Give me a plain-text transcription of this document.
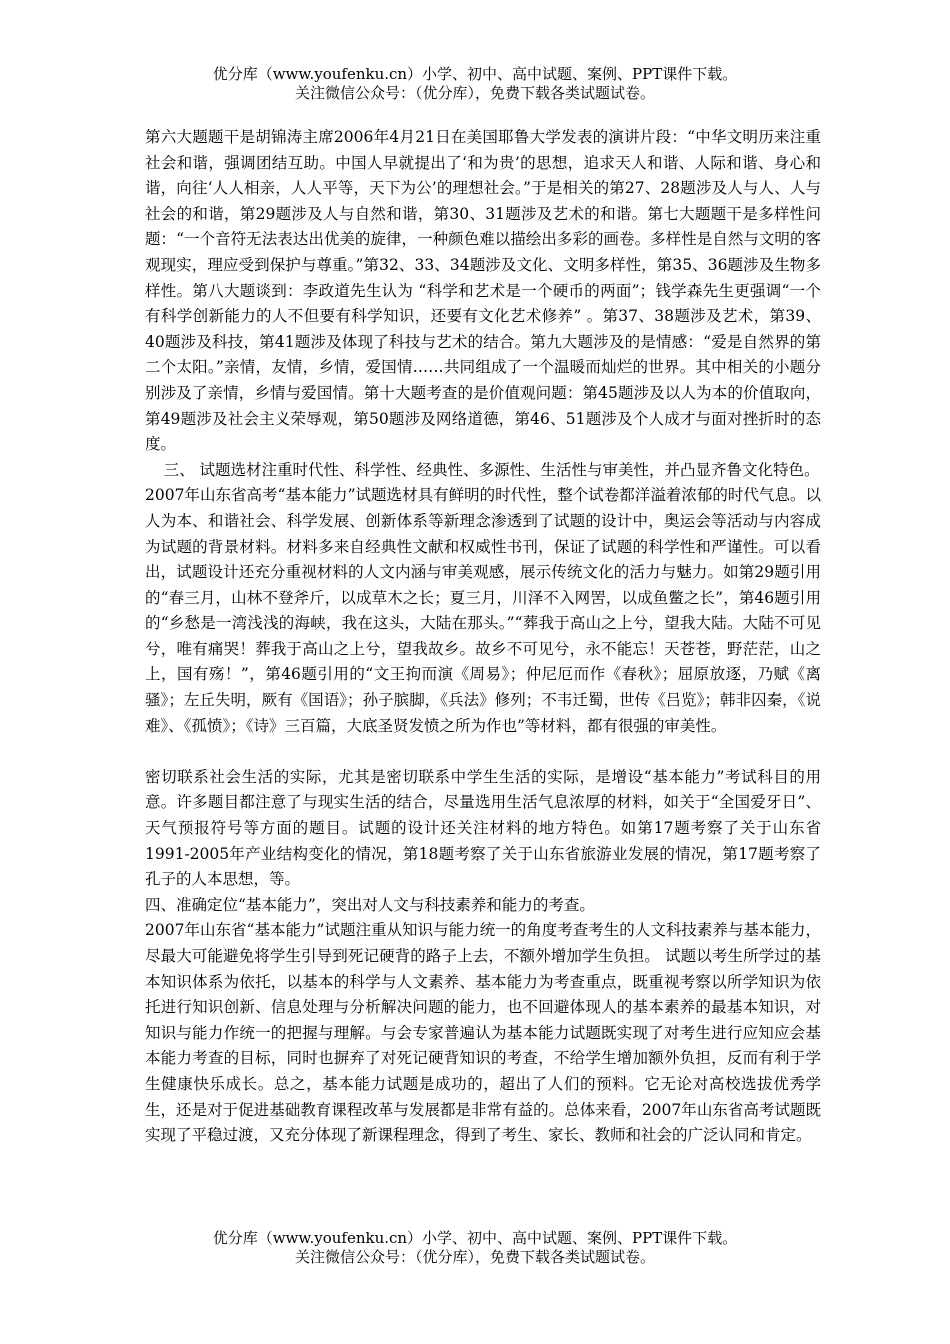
优分库（www.youfenku.cn）小学、初中、高中试题、案例、PPT课件下载。
关注微信公众号：（优分库），免费下载各类试题试卷。

第六大题题干是胡锦涛主席2006年4月21日在美国耶鲁大学发表的演讲片段：“中华文明历来注重社会和谐，强调团结互助。中国人早就提出了‘和为贵’的思想，追求天人和谐、人际和谐、身心和谐，向往‘人人相亲，人人平等，天下为公’的理想社会。”于是相关的第27、28题涉及人与人、人与社会的和谐，第29题涉及人与自然和谐，第30、31题涉及艺术的和谐。第七大题题干是多样性问题：“一个音符无法表达出优美的旋律，一种颜色难以描绘出多彩的画卷。多样性是自然与文明的客观现实，理应受到保护与尊重。”第32、33、34题涉及文化、文明多样性，第35、36题涉及生物多样性。第八大题谈到：李政道先生认为 “科学和艺术是一个硬币的两面”；钱学森先生更强调“一个有科学创新能力的人不但要有科学知识，还要有文化艺术修养” 。第37、38题涉及艺术，第39、40题涉及科技，第41题涉及体现了科技与艺术的结合。第九大题涉及的是情感：“爱是自然界的第二个太阳。”亲情，友情，乡情，爱国情……共同组成了一个温暖而灿烂的世界。其中相关的小题分别涉及了亲情，乡情与爱国情。第十大题考查的是价值观问题：第45题涉及以人为本的价值取向，第49题涉及社会主义荣辱观，第50题涉及网络道德，第46、51题涉及个人成才与面对挫折时的态度。

三、 试题选材注重时代性、科学性、经典性、多源性、生活性与审美性，并凸显齐鲁文化特色。

2007年山东省高考“基本能力”试题选材具有鲜明的时代性，整个试卷都洋溢着浓郁的时代气息。以人为本、和谐社会、科学发展、创新体系等新理念渗透到了试题的设计中，奥运会等活动与内容成为试题的背景材料。材料多来自经典性文献和权威性书刊，保证了试题的科学性和严谨性。可以看出，试题设计还充分重视材料的人文内涵与审美观感，展示传统文化的活力与魅力。如第29题引用的“春三月，山林不登斧斤，以成草木之长；夏三月，川泽不入网罟，以成鱼鳖之长”，第46题引用的“乡愁是一湾浅浅的海峡，我在这头，大陆在那头。”“葬我于高山之上兮，望我大陆。大陆不可见兮，唯有痛哭！葬我于高山之上兮，望我故乡。故乡不可见兮，永不能忘！天苍苍，野茫茫，山之上，国有殇！”，第46题引用的“文王拘而演《周易》；仲尼厄而作《春秋》；屈原放逐，乃赋《离骚》；左丘失明，厥有《国语》；孙子膑脚，《兵法》修列；不韦迁蜀，世传《吕览》；韩非囚秦，《说难》、《孤愤》；《诗》三百篇，大底圣贤发愤之所为作也”等材料，都有很强的审美性。

密切联系社会生活的实际，尤其是密切联系中学生生活的实际，是增设“基本能力”考试科目的用意。许多题目都注意了与现实生活的结合，尽量选用生活气息浓厚的材料，如关于“全国爱牙日”、天气预报符号等方面的题目。试题的设计还关注材料的地方特色。如第17题考察了关于山东省1991-2005年产业结构变化的情况，第18题考察了关于山东省旅游业发展的情况，第17题考察了孔子的人本思想，等。

四、准确定位“基本能力”，突出对人文与科技素养和能力的考查。

2007年山东省“基本能力”试题注重从知识与能力统一的角度考查考生的人文科技素养与基本能力，尽最大可能避免将学生引导到死记硬背的路子上去，不额外增加学生负担。 试题以考生所学过的基本知识体系为依托，以基本的科学与人文素养、基本能力为考查重点，既重视考察以所学知识为依托进行知识创新、信息处理与分析解决问题的能力，也不回避体现人的基本素养的最基本知识，对知识与能力作统一的把握与理解。与会专家普遍认为基本能力试题既实现了对考生进行应知应会基本能力考查的目标，同时也摒弃了对死记硬背知识的考查，不给学生增加额外负担，反而有利于学生健康快乐成长。总之，基本能力试题是成功的，超出了人们的预料。它无论对高校选拔优秀学生，还是对于促进基础教育课程改革与发展都是非常有益的。总体来看，2007年山东省高考试题既实现了平稳过渡，又充分体现了新课程理念，得到了考生、家长、教师和社会的广泛认同和肯定。

优分库（www.youfenku.cn）小学、初中、高中试题、案例、PPT课件下载。
关注微信公众号：（优分库），免费下载各类试题试卷。
